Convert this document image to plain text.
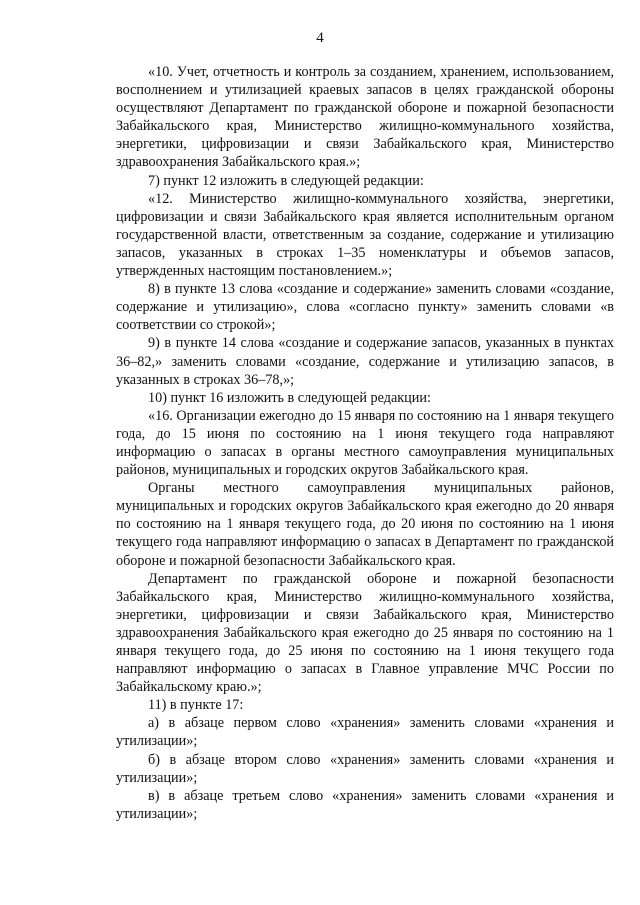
4

«10. Учет, отчетность и контроль за созданием, хранением, использованием, восполнением и утилизацией краевых запасов в целях гражданской обороны осуществляют Департамент по гражданской обороне и пожарной безопасности Забайкальского края, Министерство жилищно-коммунального хозяйства, энергетики, цифровизации и связи Забайкальского края, Министерство здравоохранения Забайкальского края.»;

7) пункт 12 изложить в следующей редакции:

«12. Министерство жилищно-коммунального хозяйства, энергетики, цифровизации и связи Забайкальского края является исполнительным органом государственной власти, ответственным за создание, содержание и утилизацию запасов, указанных в строках 1–35 номенклатуры и объемов запасов, утвержденных настоящим постановлением.»;

8) в пункте 13 слова «создание и содержание» заменить словами «создание, содержание и утилизацию», слова «согласно пункту» заменить словами «в соответствии со строкой»;

9) в пункте 14 слова «создание и содержание запасов, указанных в пунктах 36–82,» заменить словами «создание, содержание и утилизацию запасов, в указанных в строках 36–78,»;

10) пункт 16 изложить в следующей редакции:

«16. Организации ежегодно до 15 января по состоянию на 1 января текущего года, до 15 июня по состоянию на 1 июня текущего года направляют информацию о запасах в органы местного самоуправления муниципальных районов, муниципальных и городских округов Забайкальского края.

Органы местного самоуправления муниципальных районов, муниципальных и городских округов Забайкальского края ежегодно до 20 января по состоянию на 1 января текущего года, до 20 июня по состоянию на 1 июня текущего года направляют информацию о запасах в Департамент по гражданской обороне и пожарной безопасности Забайкальского края.

Департамент по гражданской обороне и пожарной безопасности Забайкальского края, Министерство жилищно-коммунального хозяйства, энергетики, цифровизации и связи Забайкальского края, Министерство здравоохранения Забайкальского края ежегодно до 25 января по состоянию на 1 января текущего года, до 25 июня по состоянию на 1 июня текущего года направляют информацию о запасах в Главное управление МЧС России по Забайкальскому краю.»;

11) в пункте 17:

а) в абзаце первом слово «хранения» заменить словами «хранения и утилизации»;

б) в абзаце втором слово «хранения» заменить словами «хранения и утилизации»;

в) в абзаце третьем слово «хранения» заменить словами «хранения и утилизации»;
